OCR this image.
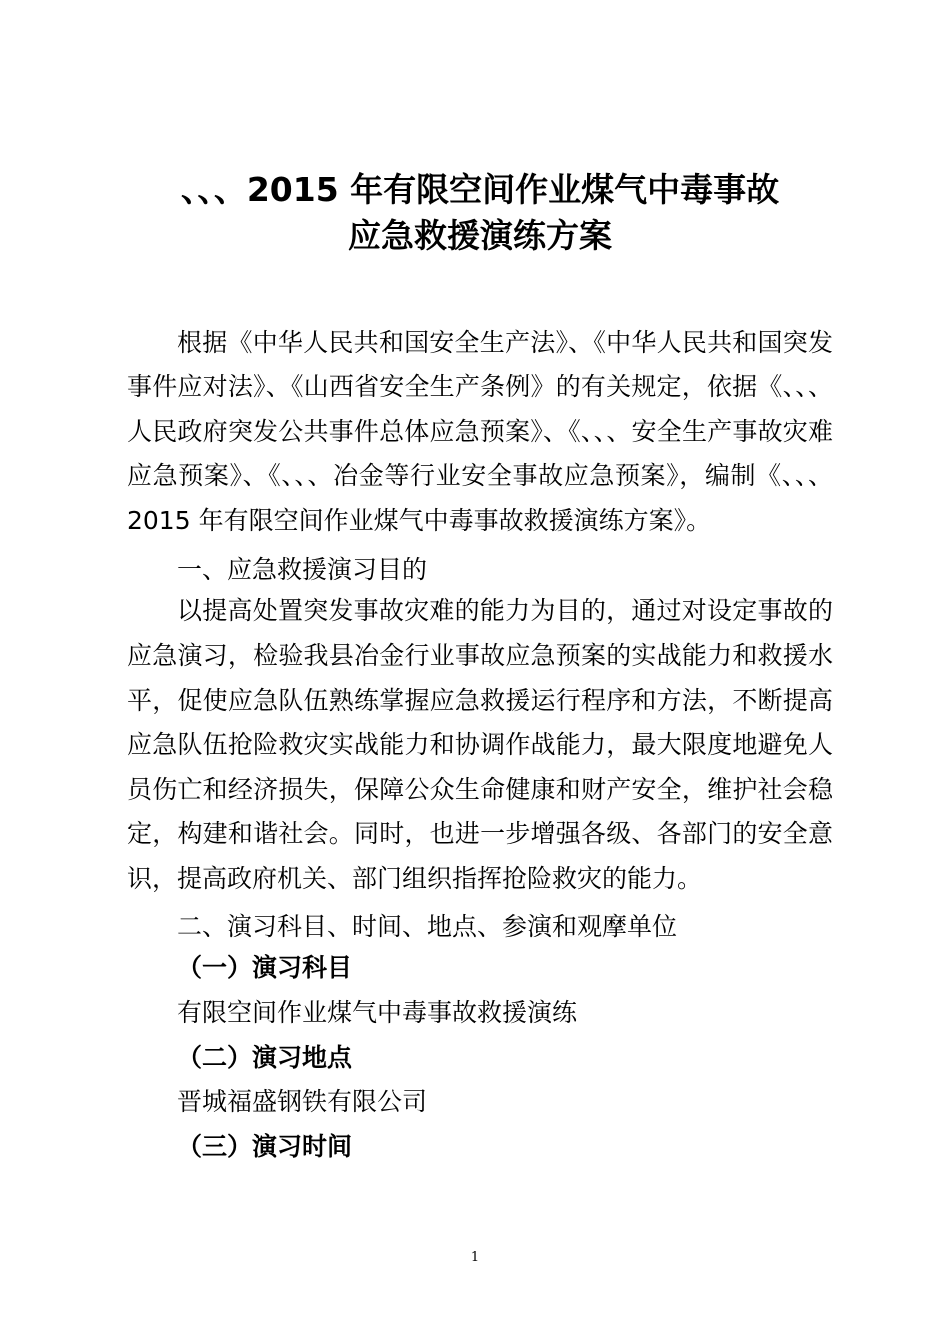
、、、2015 年有限空间作业煤气中毒事故
应急救援演练方案
根据《中华人民共和国安全生产法》、《中华人民共和国突发
事件应对法》、《山西省安全生产条例》的有关规定，依据《、、、
人民政府突发公共事件总体应急预案》、《、、、安全生产事故灾难
应急预案》、《、、、冶金等行业安全事故应急预案》，编制《、、、
2015 年有限空间作业煤气中毒事故救援演练方案》。
一、应急救援演习目的
以提高处置突发事故灾难的能力为目的，通过对设定事故的
应急演习，检验我县冶金行业事故应急预案的实战能力和救援水
平，促使应急队伍熟练掌握应急救援运行程序和方法，不断提高
应急队伍抢险救灾实战能力和协调作战能力，最大限度地避免人
员伤亡和经济损失，保障公众生命健康和财产安全，维护社会稳
定，构建和谐社会。同时，也进一步增强各级、各部门的安全意
识，提高政府机关、部门组织指挥抢险救灾的能力。
二、演习科目、时间、地点、参演和观摩单位
（一）演习科目
有限空间作业煤气中毒事故救援演练
（二）演习地点
晋城福盛钢铁有限公司
（三）演习时间
1
